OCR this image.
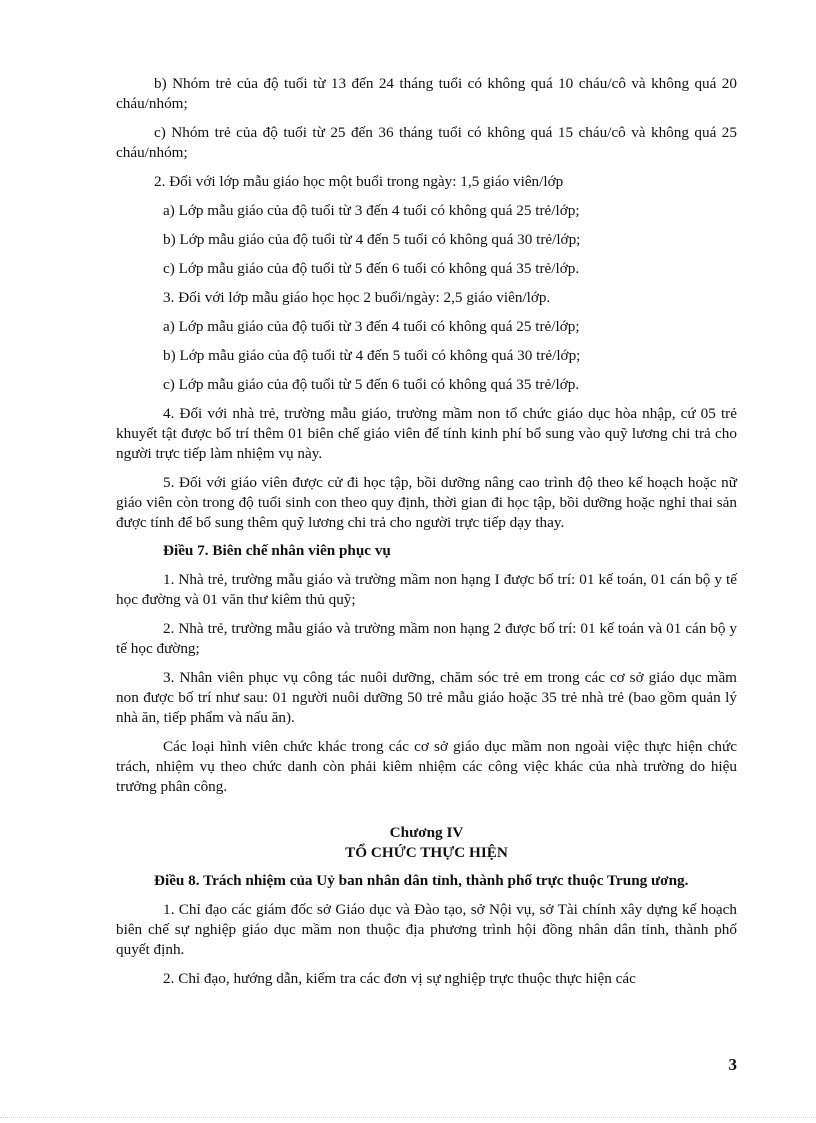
b) Nhóm trẻ của độ tuổi từ 13 đến 24 tháng tuổi có không quá 10 cháu/cô và không quá 20 cháu/nhóm;

c) Nhóm trẻ của độ tuổi từ 25 đến 36 tháng tuổi có không quá 15 cháu/cô và không quá 25 cháu/nhóm;

2. Đối với lớp mẫu giáo học một buổi trong ngày: 1,5 giáo viên/lớp

a) Lớp mẫu giáo của độ tuổi từ 3 đến 4 tuổi có không quá 25 trẻ/lớp;

b) Lớp mẫu giáo của độ tuổi từ 4 đến 5 tuổi có không quá 30 trẻ/lớp;

c) Lớp mẫu giáo của độ tuổi từ 5 đến 6 tuổi có không quá 35 trẻ/lớp.

3. Đối với lớp mẫu giáo học học 2 buổi/ngày: 2,5 giáo viên/lớp.

a) Lớp mẫu giáo của độ tuổi từ 3 đến 4 tuổi có không quá 25 trẻ/lớp;

b) Lớp mẫu giáo của độ tuổi từ 4 đến 5 tuổi có không quá 30 trẻ/lớp;

c) Lớp mẫu giáo của độ tuổi từ 5 đến 6 tuổi có không quá 35 trẻ/lớp.

4. Đối với nhà trẻ, trường mẫu giáo, trường mầm non tổ chức giáo dục hòa nhập, cứ 05 trẻ khuyết tật được bố trí thêm 01 biên chế giáo viên để tính kinh phí bổ sung vào quỹ lương chi trả cho người trực tiếp làm nhiệm vụ này.

5. Đối với giáo viên được cử đi học tập, bồi dưỡng nâng cao trình độ theo kế hoạch hoặc nữ giáo viên còn trong độ tuổi sinh con theo quy định, thời gian đi học tập, bồi dưỡng hoặc nghỉ thai sản được tính để bổ sung thêm quỹ lương chi trả cho người trực tiếp dạy thay.

Điều 7. Biên chế nhân viên phục vụ

1. Nhà trẻ, trường mẫu giáo và trường mầm non hạng I được bố trí: 01 kế toán, 01 cán bộ y tế học đường và 01 văn thư kiêm thủ quỹ;

2. Nhà trẻ, trường mẫu giáo và trường mầm non hạng 2 được bố trí: 01 kế toán và 01 cán bộ y tế học đường;

3. Nhân viên phục vụ công tác nuôi dưỡng, chăm sóc trẻ em trong các cơ sở giáo dục mầm non được bố trí như sau: 01 người nuôi dưỡng 50 trẻ mẫu giáo hoặc 35 trẻ nhà trẻ (bao gồm quản lý nhà ăn, tiếp phẩm và nấu ăn).

Các loại hình viên chức khác trong các cơ sở giáo dục mầm non ngoài việc thực hiện chức trách, nhiệm vụ theo chức danh còn phải kiêm nhiệm các công việc khác của nhà trường do hiệu trưởng phân công.

Chương IV

TỔ CHỨC THỰC HIỆN

Điều 8. Trách nhiệm của Uỷ ban nhân dân tỉnh, thành phố trực thuộc Trung ương.

1. Chỉ đạo các giám đốc sở Giáo dục và Đào tạo, sở Nội vụ, sở Tài chính xây dựng kế hoạch biên chế sự nghiệp giáo dục mầm non thuộc địa phương trình hội đồng nhân dân tỉnh, thành phố quyết định.

2. Chỉ đạo, hướng dẫn, kiểm tra các đơn vị sự nghiệp trực thuộc thực hiện các

3
